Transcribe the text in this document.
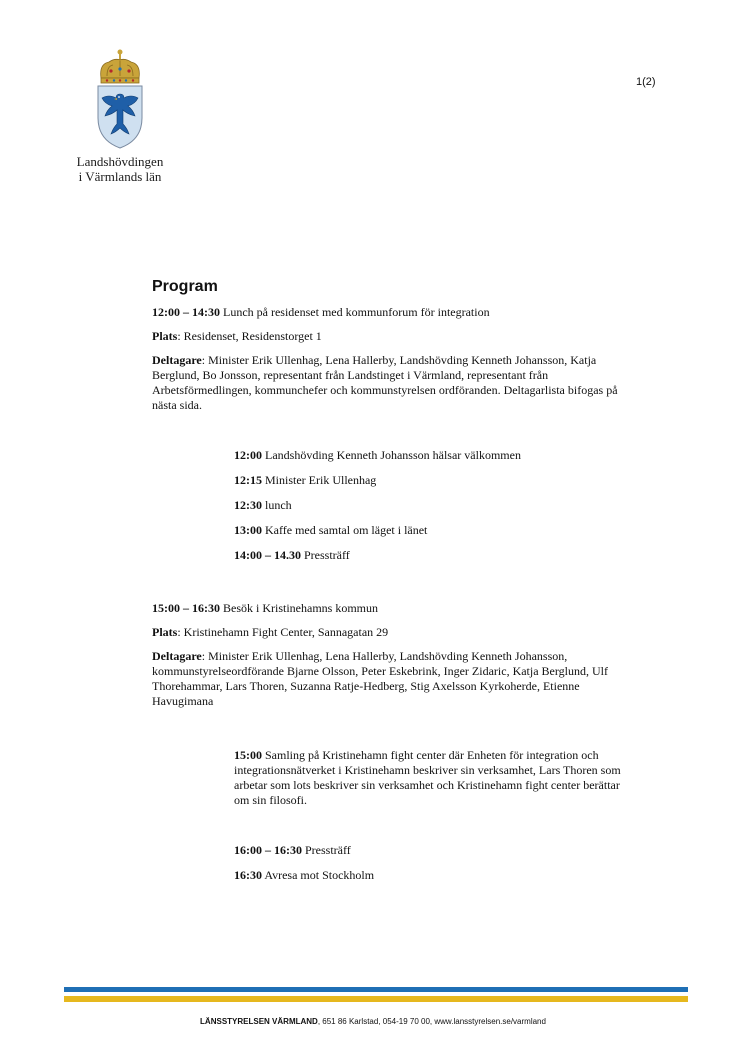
Landshövdingen
i Värmlands län
1(2)
Program
12:00 – 14:30 Lunch på residenset med kommunforum för integration
Plats: Residenset, Residenstorget 1
Deltagare: Minister Erik Ullenhag, Lena Hallerby, Landshövding Kenneth Johansson, Katja Berglund, Bo Jonsson, representant från Landstinget i Värmland, representant från Arbetsförmedlingen, kommunchefer och kommunstyrelsen ordföranden. Deltagarlista bifogas på nästa sida.
12:00 Landshövding Kenneth Johansson hälsar välkommen
12:15 Minister Erik Ullenhag
12:30 lunch
13:00 Kaffe med samtal om läget i länet
14:00 – 14.30 Pressträff
15:00 – 16:30 Besök i Kristinehamns kommun
Plats: Kristinehamn Fight Center, Sannagatan 29
Deltagare: Minister Erik Ullenhag, Lena Hallerby, Landshövding Kenneth Johansson, kommunstyrelseordförande Bjarne Olsson, Peter Eskebrink, Inger Zidaric, Katja Berglund, Ulf Thorehammar, Lars Thoren, Suzanna Ratje-Hedberg, Stig Axelsson Kyrkoherde, Etienne Havugimana
15:00 Samling på Kristinehamn fight center där Enheten för integration och integrationsnätverket i Kristinehamn beskriver sin verksamhet, Lars Thoren som arbetar som lots beskriver sin verksamhet och Kristinehamn fight center berättar om sin filosofi.
16:00 – 16:30 Pressträff
16:30 Avresa mot Stockholm
LÄNSSTYRELSEN VÄRMLAND, 651 86 Karlstad, 054-19 70 00, www.lansstyrelsen.se/varmland
